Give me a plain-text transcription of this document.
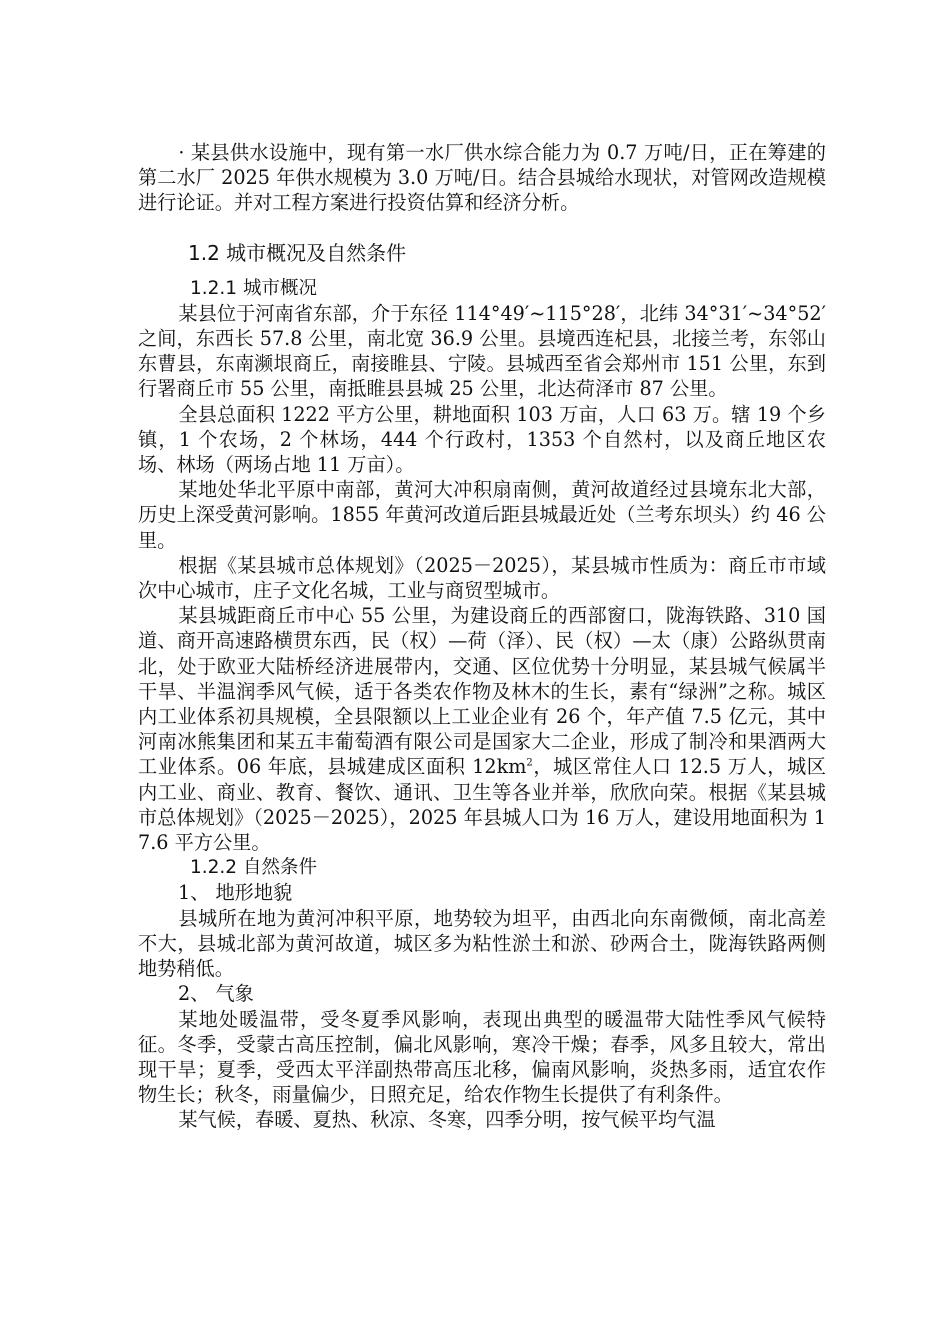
· 某县供水设施中，现有第一水厂供水综合能力为 0.7 万吨/日，正在筹建的第二水厂 2025 年供水规模为 3.0 万吨/日。结合县城给水现状，对管网改造规模进行论证。并对工程方案进行投资估算和经济分析。

1.2 城市概况及自然条件
1.2.1 城市概况

某县位于河南省东部，介于东径 114°49′~115°28′，北纬 34°31′~34°52′之间，东西长 57.8 公里，南北宽 36.9 公里。县境西连杞县，北接兰考，东邻山东曹县，东南濒垠商丘，南接睢县、宁陵。县城西至省会郑州市 151 公里，东到行署商丘市 55 公里，南抵睢县县城 25 公里，北达荷泽市 87 公里。

全县总面积 1222 平方公里，耕地面积 103 万亩，人口 63 万。辖 19 个乡镇，1 个农场，2 个林场，444 个行政村，1353 个自然村，以及商丘地区农场、林场（两场占地 11 万亩）。

某地处华北平原中南部，黄河大冲积扇南侧，黄河故道经过县境东北大部，历史上深受黄河影响。1855 年黄河改道后距县城最近处（兰考东坝头）约 46 公里。

根据《某县城市总体规划》（2025－2025），某县城市性质为：商丘市市域次中心城市，庄子文化名城，工业与商贸型城市。

某县城距商丘市中心 55 公里，为建设商丘的西部窗口，陇海铁路、310 国道、商开高速路横贯东西，民（权）—荷（泽）、民（权）—太（康）公路纵贯南北，处于欧亚大陆桥经济进展带内，交通、区位优势十分明显，某县城气候属半干旱、半温润季风气候，适于各类农作物及林木的生长，素有“绿洲”之称。城区内工业体系初具规模，全县限额以上工业企业有 26 个，年产值 7.5 亿元，其中河南冰熊集团和某五丰葡萄酒有限公司是国家大二企业，形成了制冷和果酒两大工业体系。06 年底，县城建成区面积 $12km^2$，城区常住人口 12.5 万人，城区内工业、商业、教育、餐饮、通讯、卫生等各业并举，欣欣向荣。根据《某县城市总体规划》（2025－2025），2025 年县城人口为 16 万人，建设用地面积为 17.6 平方公里。

1.2.2 自然条件
1、 地形地貌

县城所在地为黄河冲积平原，地势较为坦平，由西北向东南微倾，南北高差不大，县城北部为黄河故道，城区多为粘性淤土和淤、砂两合土，陇海铁路两侧地势稍低。

2、 气象

某地处暖温带，受冬夏季风影响，表现出典型的暖温带大陆性季风气候特征。冬季，受蒙古高压控制，偏北风影响，寒冷干燥；春季，风多且较大，常出现干旱；夏季，受西太平洋副热带高压北移，偏南风影响，炎热多雨，适宜农作物生长；秋冬，雨量偏少，日照充足，给农作物生长提供了有利条件。

某气候，春暖、夏热、秋凉、冬寒，四季分明，按气候平均气温
